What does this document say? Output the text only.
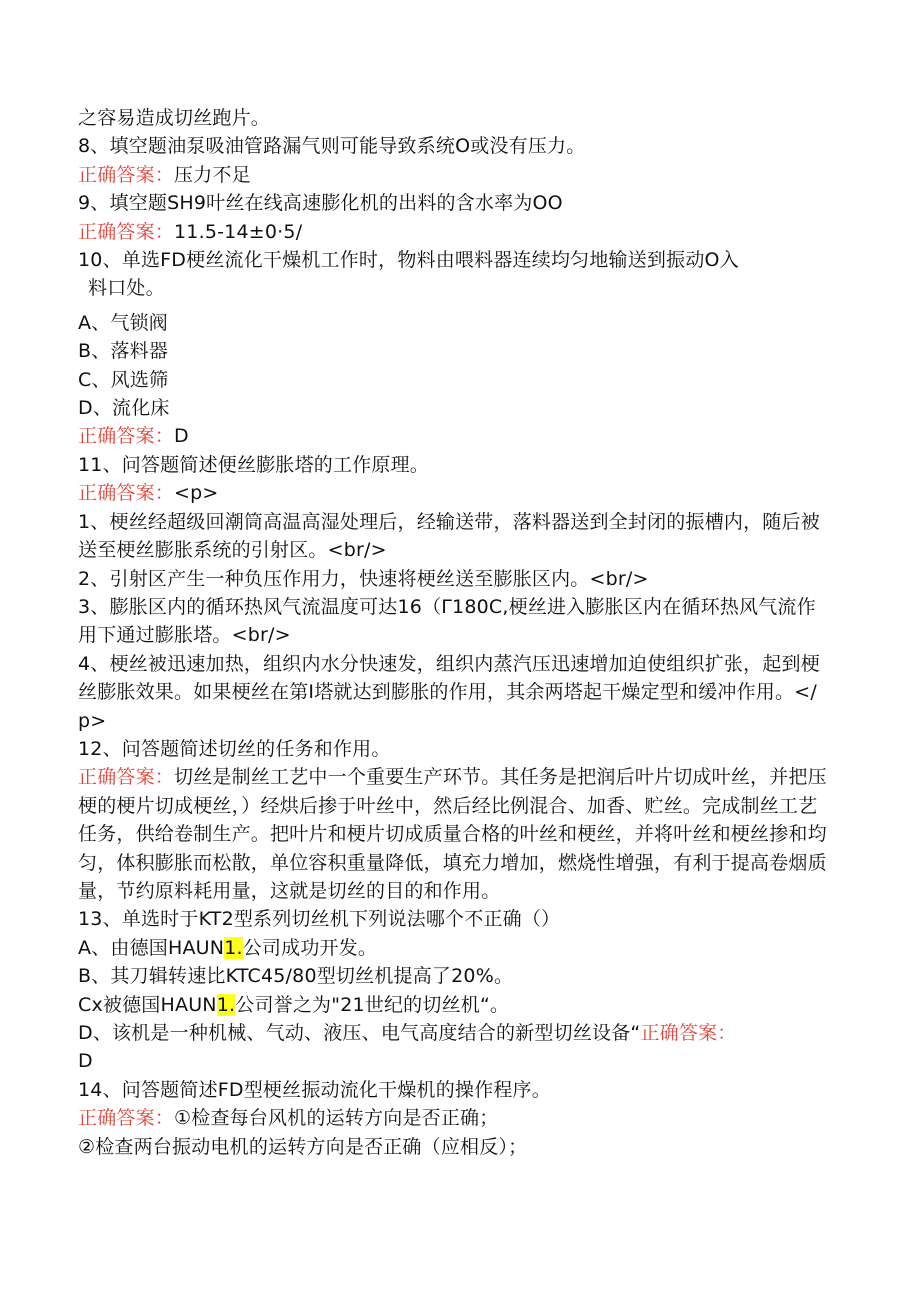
之容易造成切丝跑片。
8、填空题油泵吸油管路漏气则可能导致系统O或没有压力。
正确答案：压力不足
9、填空题SH9叶丝在线高速膨化机的出料的含水率为OO
正确答案：11.5-14±0·5/
10、单选FD梗丝流化干燥机工作时，物料由喂料器连续均匀地输送到振动O入
料口处。
A、气锁阀
B、落料器
C、风选筛
D、流化床
正确答案：D
11、问答题简述便丝膨胀塔的工作原理。
正确答案：<p>
1、梗丝经超级回潮筒高温高湿处理后，经输送带，落料器送到全封闭的振槽内，随后被送至梗丝膨胀系统的引射区。<br/>
2、引射区产生一种负压作用力，快速将梗丝送至膨胀区内。<br/>
3、膨胀区内的循环热风气流温度可达16（Γ180C,梗丝进入膨胀区内在循环热风气流作用下通过膨胀塔。<br/>
4、梗丝被迅速加热，组织内水分快速发，组织内蒸汽压迅速增加迫使组织扩张，起到梗丝膨胀效果。如果梗丝在第I塔就达到膨胀的作用，其余两塔起干燥定型和缓冲作用。</p>
12、问答题简述切丝的任务和作用。
正确答案：切丝是制丝工艺中一个重要生产环节。其任务是把润后叶片切成叶丝，并把压梗的梗片切成梗丝，）经烘后掺于叶丝中，然后经比例混合、加香、贮丝。完成制丝工艺任务，供给卷制生产。把叶片和梗片切成质量合格的叶丝和梗丝，并将叶丝和梗丝掺和均匀，体积膨胀而松散，单位容积重量降低，填充力增加，燃烧性增强，有利于提高卷烟质量，节约原料耗用量，这就是切丝的目的和作用。
13、单选时于KT2型系列切丝机下列说法哪个不正确（）
A、由德国HAUN1.公司成功开发。
B、其刀辑转速比KTC45/80型切丝机提高了20%。
Cx被德国HAUN1.公司誉之为"21世纪的切丝机“。
D、该机是一种机械、气动、液压、电气高度结合的新型切丝设备“正确答案：
D
14、问答题简述FD型梗丝振动流化干燥机的操作程序。
正确答案：①检查每台风机的运转方向是否正确；
②检查两台振动电机的运转方向是否正确（应相反）；
